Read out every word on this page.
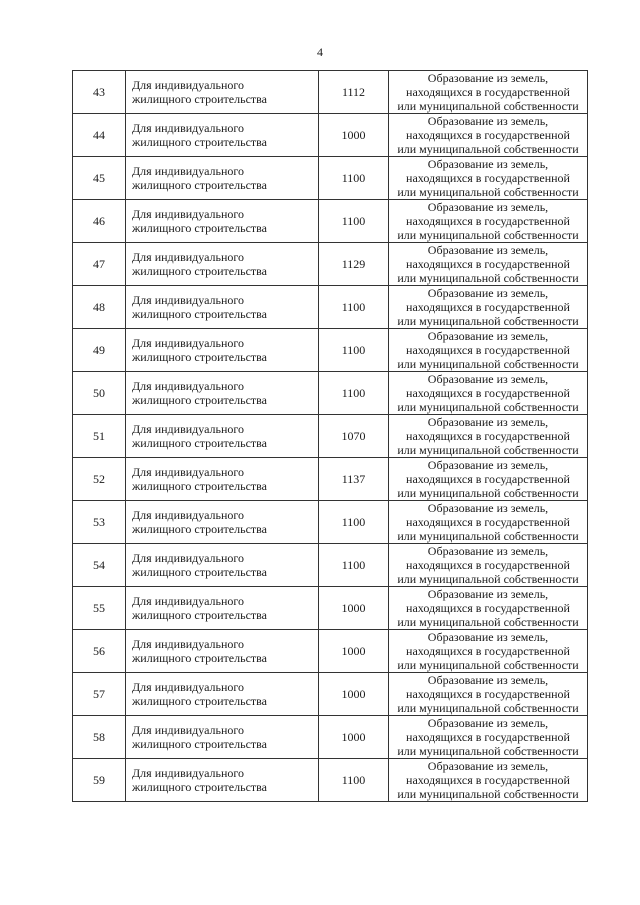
4
43	Для индивидуального
жилищного строительства	1112	Образование из земель,
находящихся в государственной
или муниципальной собственности

44	Для индивидуального
жилищного строительства	1000	Образование из земель,
находящихся в государственной
или муниципальной собственности

45	Для индивидуального
жилищного строительства	1100	Образование из земель,
находящихся в государственной
или муниципальной собственности

46	Для индивидуального
жилищного строительства	1100	Образование из земель,
находящихся в государственной
или муниципальной собственности

47	Для индивидуального
жилищного строительства	1129	Образование из земель,
находящихся в государственной
или муниципальной собственности

48	Для индивидуального
жилищного строительства	1100	Образование из земель,
находящихся в государственной
или муниципальной собственности

49	Для индивидуального
жилищного строительства	1100	Образование из земель,
находящихся в государственной
или муниципальной собственности

50	Для индивидуального
жилищного строительства	1100	Образование из земель,
находящихся в государственной
или муниципальной собственности

51	Для индивидуального
жилищного строительства	1070	Образование из земель,
находящихся в государственной
или муниципальной собственности

52	Для индивидуального
жилищного строительства	1137	Образование из земель,
находящихся в государственной
или муниципальной собственности

53	Для индивидуального
жилищного строительства	1100	Образование из земель,
находящихся в государственной
или муниципальной собственности

54	Для индивидуального
жилищного строительства	1100	Образование из земель,
находящихся в государственной
или муниципальной собственности

55	Для индивидуального
жилищного строительства	1000	Образование из земель,
находящихся в государственной
или муниципальной собственности

56	Для индивидуального
жилищного строительства	1000	Образование из земель,
находящихся в государственной
или муниципальной собственности

57	Для индивидуального
жилищного строительства	1000	Образование из земель,
находящихся в государственной
или муниципальной собственности

58	Для индивидуального
жилищного строительства	1000	Образование из земель,
находящихся в государственной
или муниципальной собственности

59	Для индивидуального
жилищного строительства	1100	Образование из земель,
находящихся в государственной
или муниципальной собственности
